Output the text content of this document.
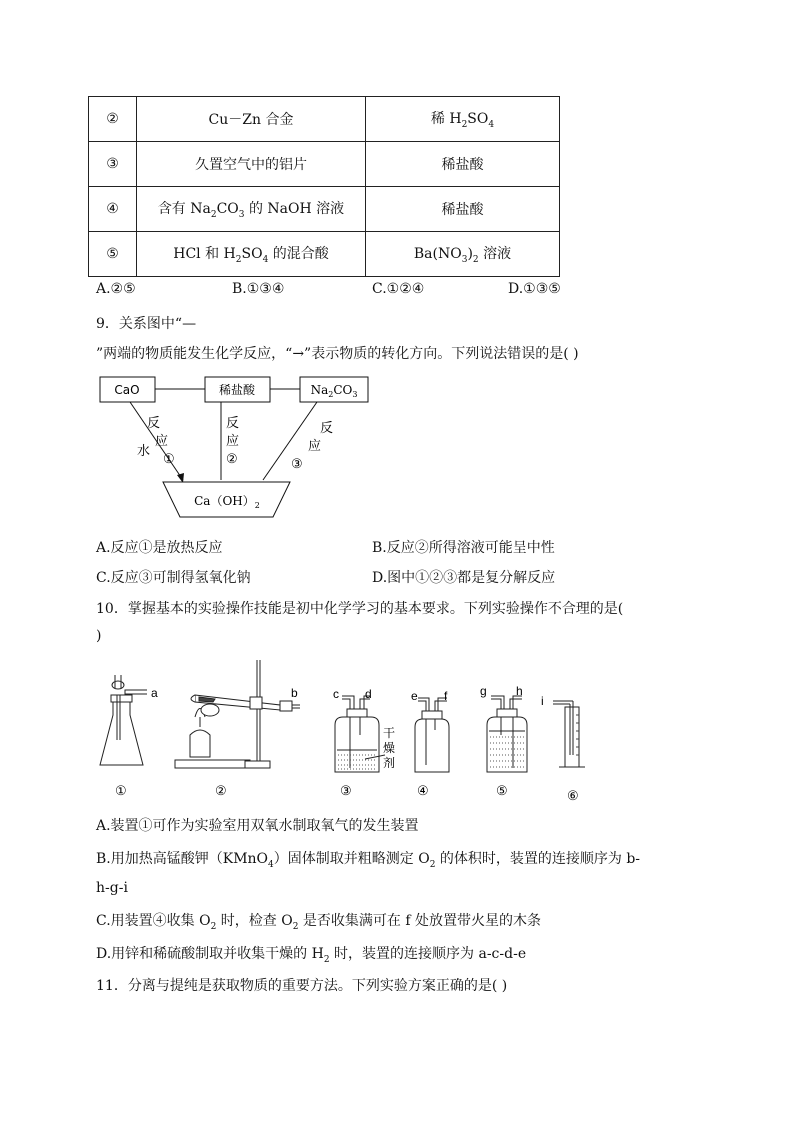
②	Cu－Zn 合金	稀 $H_2SO_4$
③	久置空气中的铝片	稀盐酸
④	含有 $Na_2CO_3$ 的 NaOH 溶液	稀盐酸
⑤	HCl 和 $H_2SO_4$ 的混合酸	$Ba(NO_3)_2$ 溶液
A.②⑤	B.①③④	C.①②④	D.①③⑤
9．关系图中“—
”两端的物质能发生化学反应，“→”表示物质的转化方向。下列说法错误的是( )
CaO	稀盐酸	$Na_2CO_3$
$Ca(OH)_2$
反
应
①
水
反
应
②
反
应
③
A.反应①是放热反应	B.反应②所得溶液可能呈中性
C.反应③可制得氢氧化钠	D.图中①②③都是复分解反应
10．掌握基本的实验操作技能是初中化学学习的基本要求。下列实验操作不合理的是(
)
a	b	c d
干
燥
剂
e f	g h
i
①	②	③	④	⑤	⑥
A.装置①可作为实验室用双氧水制取氧气的发生装置
B.用加热高锰酸钾（KMnO$_4$）固体制取并粗略测定 $O_2$ 的体积时，装置的连接顺序为 b-
h-g-i
C.用装置④收集 $O_2$ 时，检查 $O_2$ 是否收集满可在 f 处放置带火星的木条
D.用锌和稀硫酸制取并收集干燥的 $H_2$ 时，装置的连接顺序为 a-c-d-e
11．分离与提纯是获取物质的重要方法。下列实验方案正确的是( )
